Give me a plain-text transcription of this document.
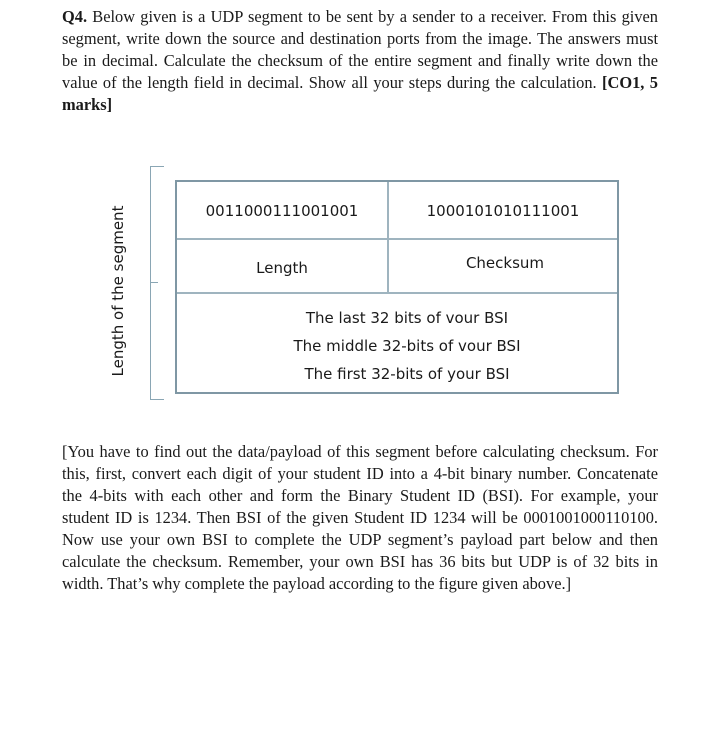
Q4. Below given is a UDP segment to be sent by a sender to a receiver. From this given segment, write down the source and destination ports from the image. The answers must be in decimal. Calculate the checksum of the entire segment and finally write down the value of the length field in decimal. Show all your steps during the calculation. [CO1, 5 marks]
Length of the segment	0011000111001001	1000101010111001
Length	Checksum
The last 32 bits of vour BSI
The middle 32-bits of vour BSI
The first 32-bits of your BSI
[You have to find out the data/payload of this segment before calculating checksum. For this, first, convert each digit of your student ID into a 4-bit binary number. Concatenate the 4-bits with each other and form the Binary Student ID (BSI). For example, your student ID is 1234. Then BSI of the given Student ID 1234 will be 0001001000110100. Now use your own BSI to complete the UDP segment’s payload part below and then calculate the checksum. Remember, your own BSI has 36 bits but UDP is of 32 bits in width. That’s why complete the payload according to the figure given above.]
